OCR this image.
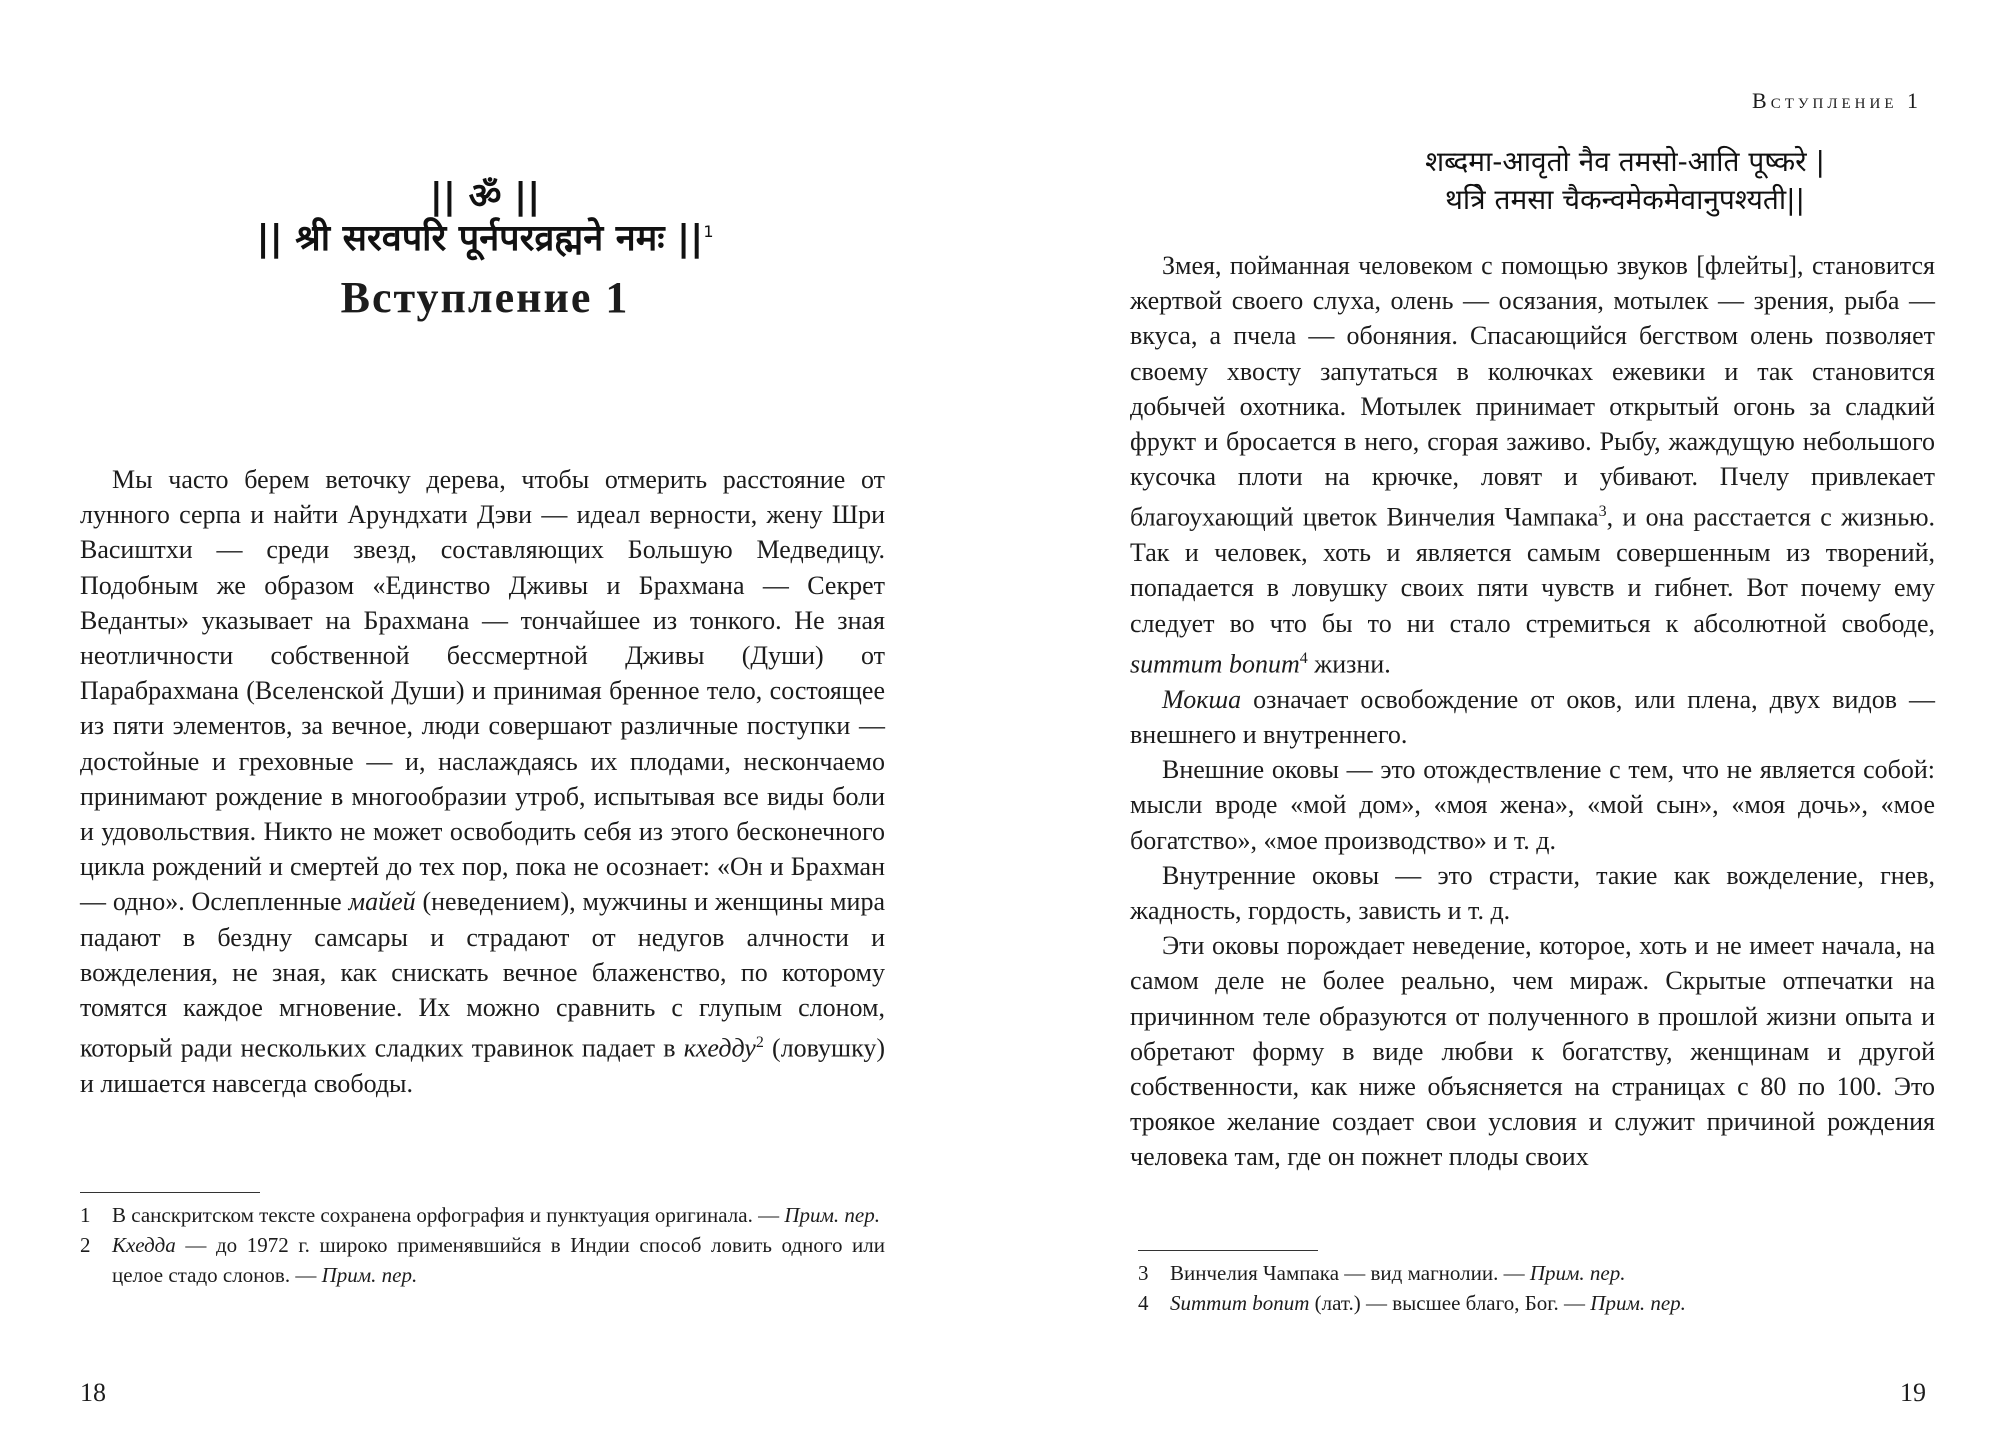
|| ॐ ||
|| श्री सरवपरि पूर्नपरव्रह्मने नमः $||^1$
Вступление 1

Мы часто берем веточку дерева, чтобы отмерить расстояние от лунного серпа и найти Арундхати Дэви — идеал верности, жену Шри Васиштхи — среди звезд, составляющих Большую Медведицу. Подобным же образом «Единство Дживы и Брахмана — Секрет Веданты» указывает на Брахмана — тончайшее из тонкого. Не зная неотличности собственной бессмертной Дживы (Души) от Парабрахмана (Вселенской Души) и принимая бренное тело, состоящее из пяти элементов, за вечное, люди совершают различные поступки — достойные и греховные — и, наслаждаясь их плодами, нескончаемо принимают рождение в многообразии утроб, испытывая все виды боли и удовольствия. Никто не может освободить себя из этого бесконечного цикла рождений и смертей до тех пор, пока не осознает: «Он и Брахман — одно». Ослепленные майей (неведением), мужчины и женщины мира падают в бездну самсары и страдают от недугов алчности и вожделения, не зная, как снискать вечное блаженство, по которому томятся каждое мгновение. Их можно сравнить с глупым слоном, который ради нескольких сладких травинок падает в кхедду$^2$ (ловушку) и лишается навсегда свободы.

1	В санскритском тексте сохранена орфография и пунктуация оригинала. — Прим. пер.
2	Кхедда — до 1972 г. широко применявшийся в Индии способ ловить одного или целое стадо слонов. — Прим. пер.
18
Вступление 1
शब्दमा-आवृतो नैव तमसो-आति पूष्करे |
थत्रिे तमसा चैकन्वमेकमेवानुपश्यती||

Змея, пойманная человеком с помощью звуков [флейты], становится жертвой своего слуха, олень — осязания, мотылек — зрения, рыба — вкуса, а пчела — обоняния. Спасающийся бегством олень позволяет своему хвосту запутаться в колючках ежевики и так становится добычей охотника. Мотылек принимает открытый огонь за сладкий фрукт и бросается в него, сгорая заживо. Рыбу, жаждущую небольшого кусочка плоти на крючке, ловят и убивают. Пчелу привлекает благоухающий цветок Винчелия Чампака$^3$, и она расстается с жизнью. Так и человек, хоть и является самым совершенным из творений, попадается в ловушку своих пяти чувств и гибнет. Вот почему ему следует во что бы то ни стало стремиться к абсолютной свободе, summum bonum$^4$ жизни.

Мокша означает освобождение от оков, или плена, двух видов — внешнего и внутреннего.

Внешние оковы — это отождествление с тем, что не является собой: мысли вроде «мой дом», «моя жена», «мой сын», «моя дочь», «мое богатство», «мое производство» и т. д.

Внутренние оковы — это страсти, такие как вожделение, гнев, жадность, гордость, зависть и т. д.

Эти оковы порождает неведение, которое, хоть и не имеет начала, на самом деле не более реально, чем мираж. Скрытые отпечатки на причинном теле образуются от полученного в прошлой жизни опыта и обретают форму в виде любви к богатству, женщинам и другой собственности, как ниже объясняется на страницах с 80 по 100. Это троякое желание создает свои условия и служит причиной рождения человека там, где он пожнет плоды своих

3	Винчелия Чампака — вид магнолии. — Прим. пер.
4	Summum bonum (лат.) — высшее благо, Бог. — Прим. пер.
19
